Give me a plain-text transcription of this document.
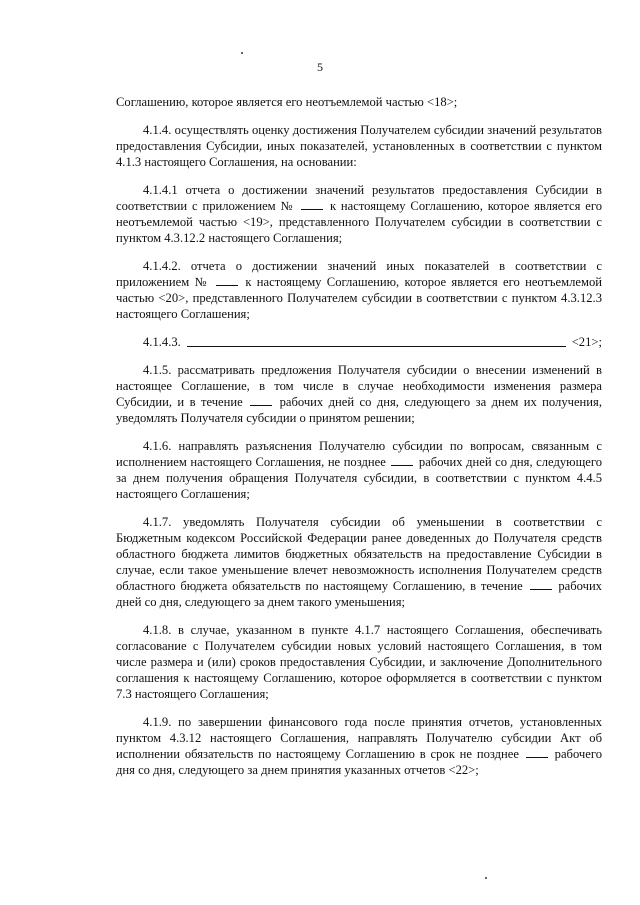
5

Соглашению, которое является его неотъемлемой частью <18>;

4.1.4. осуществлять оценку достижения Получателем субсидии значений результатов предоставления Субсидии, иных показателей, установленных в соответствии с пунктом 4.1.3 настоящего Соглашения, на основании:

4.1.4.1 отчета о достижении значений результатов предоставления Субсидии в соответствии с приложением №	к настоящему Соглашению, которое является его неотъемлемой частью <19>, представленного Получателем субсидии в соответствии с пунктом 4.3.12.2 настоящего Соглашения;

4.1.4.2. отчета о достижении значений иных показателей в соответствии с приложением №	к настоящему Соглашению, которое является его неотъемлемой частью <20>, представленного Получателем субсидии в соответствии с пунктом 4.3.12.3 настоящего Соглашения;

4.1.4.3.	<21>;

4.1.5. рассматривать предложения Получателя субсидии о внесении изменений в настоящее Соглашение, в том числе в случае необходимости изменения размера Субсидии, и в течение	рабочих дней со дня, следующего за днем их получения, уведомлять Получателя субсидии о принятом решении;

4.1.6. направлять разъяснения Получателю субсидии по вопросам, связанным с исполнением настоящего Соглашения, не позднее	рабочих дней со дня, следующего за днем получения обращения Получателя субсидии, в соответствии с пунктом 4.4.5 настоящего Соглашения;

4.1.7. уведомлять Получателя субсидии об уменьшении в соответствии с Бюджетным кодексом Российской Федерации ранее доведенных до Получателя средств областного бюджета лимитов бюджетных обязательств на предоставление Субсидии в случае, если такое уменьшение влечет невозможность исполнения Получателем средств областного бюджета обязательств по настоящему Соглашению, в течение	рабочих дней со дня, следующего за днем такого уменьшения;

4.1.8. в случае, указанном в пункте 4.1.7 настоящего Соглашения, обеспечивать согласование с Получателем субсидии новых условий настоящего Соглашения, в том числе размера и (или) сроков предоставления Субсидии, и заключение Дополнительного соглашения к настоящему Соглашению, которое оформляется в соответствии с пунктом 7.3 настоящего Соглашения;

4.1.9. по завершении финансового года после принятия отчетов, установленных пунктом 4.3.12 настоящего Соглашения, направлять Получателю субсидии Акт об исполнении обязательств по настоящему Соглашению в срок не позднее	рабочего дня со дня, следующего за днем принятия указанных отчетов <22>;
